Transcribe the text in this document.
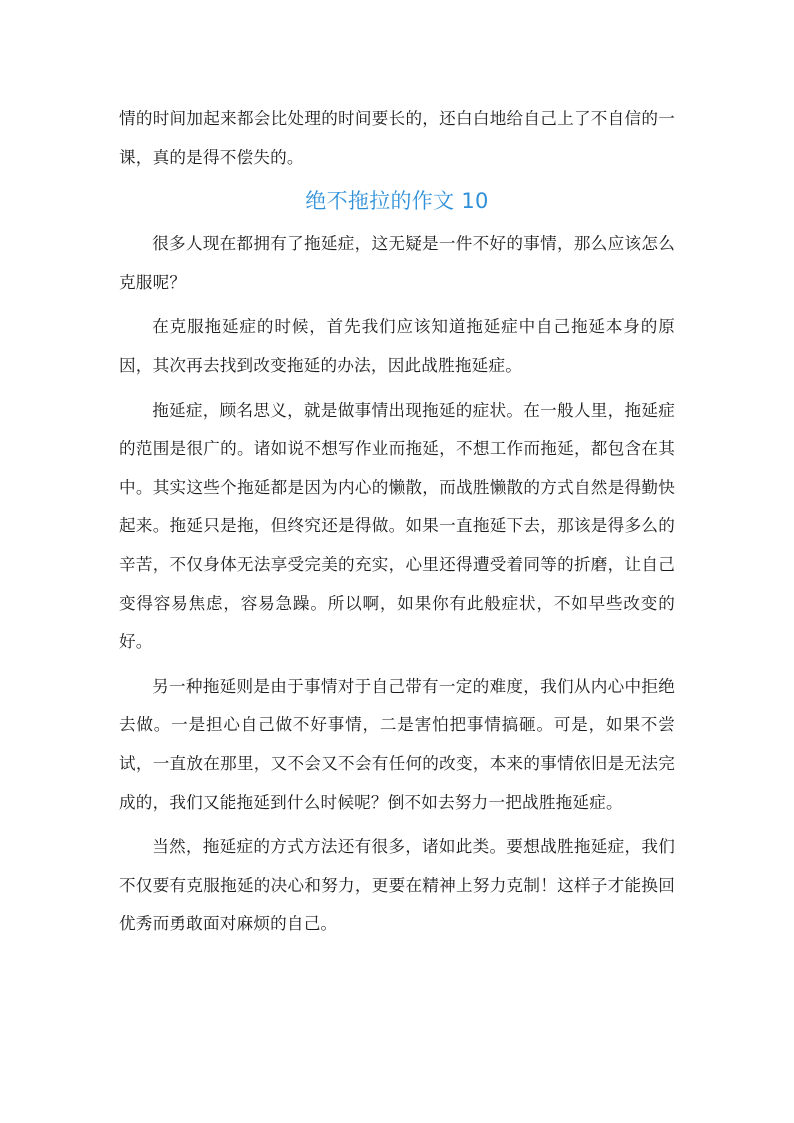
情的时间加起来都会比处理的时间要长的，还白白地给自己上了不自信的一课，真的是得不偿失的。

绝不拖拉的作文 10

很多人现在都拥有了拖延症，这无疑是一件不好的事情，那么应该怎么克服呢？

在克服拖延症的时候，首先我们应该知道拖延症中自己拖延本身的原因，其次再去找到改变拖延的办法，因此战胜拖延症。

拖延症，顾名思义，就是做事情出现拖延的症状。在一般人里，拖延症的范围是很广的。诸如说不想写作业而拖延，不想工作而拖延，都包含在其中。其实这些个拖延都是因为内心的懒散，而战胜懒散的方式自然是得勤快起来。拖延只是拖，但终究还是得做。如果一直拖延下去，那该是得多么的辛苦，不仅身体无法享受完美的充实，心里还得遭受着同等的折磨，让自己变得容易焦虑，容易急躁。所以啊，如果你有此般症状，不如早些改变的好。

另一种拖延则是由于事情对于自己带有一定的难度，我们从内心中拒绝去做。一是担心自己做不好事情，二是害怕把事情搞砸。可是，如果不尝试，一直放在那里，又不会又不会有任何的改变，本来的事情依旧是无法完成的，我们又能拖延到什么时候呢？倒不如去努力一把战胜拖延症。

当然，拖延症的方式方法还有很多，诸如此类。要想战胜拖延症，我们不仅要有克服拖延的决心和努力，更要在精神上努力克制！这样子才能换回优秀而勇敢面对麻烦的自己。
